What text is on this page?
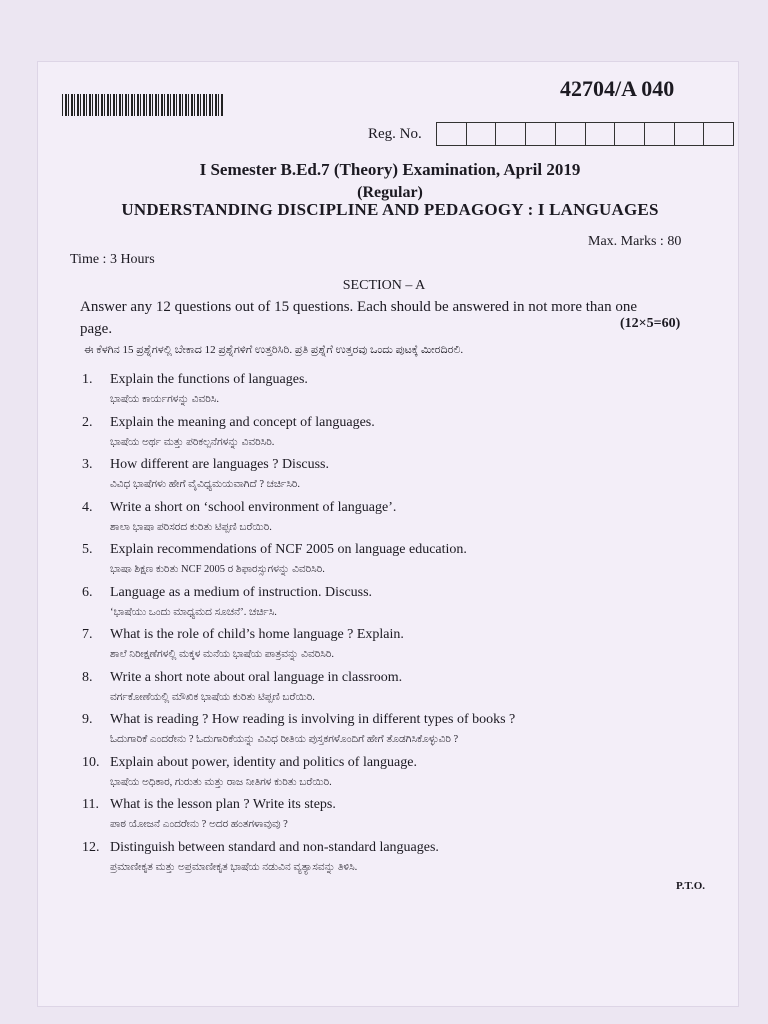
42704/A 040
Reg. No.
I Semester B.Ed.7 (Theory) Examination, April 2019
(Regular)
UNDERSTANDING DISCIPLINE AND PEDAGOGY : I LANGUAGES
Max. Marks : 80
Time : 3 Hours
SECTION – A
Answer any 12 questions out of 15 questions. Each should be answered in not more than one page.	(12×5=60)
ಈ ಕೆಳಗಿನ 15 ಪ್ರಶ್ನೆಗಳಲ್ಲಿ ಬೇಕಾದ 12 ಪ್ರಶ್ನೆಗಳಿಗೆ ಉತ್ತರಿಸಿರಿ. ಪ್ರತಿ ಪ್ರಶ್ನೆಗೆ ಉತ್ತರವು ಒಂದು ಪುಟಕ್ಕೆ ಮೀರದಿರಲಿ.
1. Explain the functions of languages.
ಭಾಷೆಯ ಕಾರ್ಯಗಳನ್ನು ವಿವರಿಸಿ.
2. Explain the meaning and concept of languages.
ಭಾಷೆಯ ಅರ್ಥ ಮತ್ತು ಪರಿಕಲ್ಪನೆಗಳನ್ನು ವಿವರಿಸಿರಿ.
3. How different are languages ? Discuss.
ವಿವಿಧ ಭಾಷೆಗಳು ಹೇಗೆ ವೈವಿಧ್ಯಮಯವಾಗಿದೆ ? ಚರ್ಚಿಸಿರಿ.
4. Write a short on ‘school environment of language’.
ಶಾಲಾ ಭಾಷಾ ಪರಿಸರದ ಕುರಿತು ಟಿಪ್ಪಣಿ ಬರೆಯಿರಿ.
5. Explain recommendations of NCF 2005 on language education.
ಭಾಷಾ ಶಿಕ್ಷಣ ಕುರಿತು NCF 2005 ರ ಶಿಫಾರಸ್ಸುಗಳನ್ನು ವಿವರಿಸಿರಿ.
6. Language as a medium of instruction. Discuss.
‘ಭಾಷೆಯು ಒಂದು ಮಾಧ್ಯಮದ ಸೂಚನೆ’. ಚರ್ಚಿಸಿ.
7. What is the role of child’s home language ? Explain.
ಶಾಲೆ ನಿರೀಕ್ಷಣೆಗಳಲ್ಲಿ ಮಕ್ಕಳ ಮನೆಯ ಭಾಷೆಯ ಪಾತ್ರವನ್ನು ವಿವರಿಸಿರಿ.
8. Write a short note about oral language in classroom.
ವರ್ಗಕೋಣೆಯಲ್ಲಿ ಮೌಖಿಕ ಭಾಷೆಯ ಕುರಿತು ಟಿಪ್ಪಣಿ ಬರೆಯಿರಿ.
9. What is reading ? How reading is involving in different types of books ?
ಓದುಗಾರಿಕೆ ಎಂದರೇನು ? ಓದುಗಾರಿಕೆಯನ್ನು ವಿವಿಧ ರೀತಿಯ ಪುಸ್ತಕಗಳೊಂದಿಗೆ ಹೇಗೆ ತೊಡಗಿಸಿಕೊಳ್ಳುವಿರಿ ?
10. Explain about power, identity and politics of language.
ಭಾಷೆಯ ಅಧಿಕಾರ, ಗುರುತು ಮತ್ತು ರಾಜ ನೀತಿಗಳ ಕುರಿತು ಬರೆಯಿರಿ.
11. What is the lesson plan ? Write its steps.
ಪಾಠ ಯೋಜನೆ ಎಂದರೇನು ? ಅದರ ಹಂತಗಳಾವುವು ?
12. Distinguish between standard and non-standard languages.
ಪ್ರಮಾಣೀಕೃತ ಮತ್ತು ಅಪ್ರಮಾಣೀಕೃತ ಭಾಷೆಯ ನಡುವಿನ ವ್ಯತ್ಯಾಸವನ್ನು ತಿಳಿಸಿ.
P.T.O.
